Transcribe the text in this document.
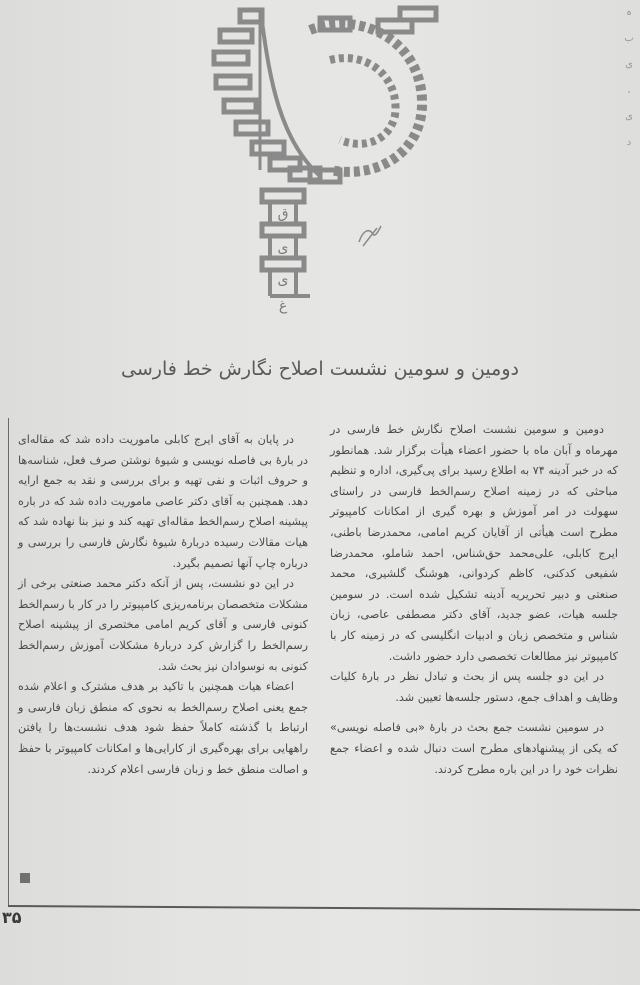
ق
ی
ی
غ
ہ
ب
ی
،
ی
د
دومین و سومین نشست اصلاح نگارش خط فارسی

دومین و سومین نشست اصلاح نگارش خط فارسی در مهرماه و آبان ماه با حضور اعضاء هیأت برگزار شد. همانطور که در خبر آدینه ۷۴ به اطلاع رسید برای پی‌گیری، اداره و تنظیم مباحثی که در زمینه اصلاح رسم‌الخط فارسی در راستای سهولت در امر آموزش و بهره گیری از امکانات کامپیوتر مطرح است هیأتی از آقایان کریم امامی، محمدرضا باطنی، ایرج کابلی، علی‌محمد حق‌شناس، احمد شاملو، محمدرضا شفیعی کدکنی، کاظم کردوانی، هوشنگ گلشیری، محمد صنعتی و دبیر تحریریه آدینه تشکیل شده است. در سومین جلسه هیات، عضو جدید، آقای دکتر مصطفی عاصی، زبان شناس و متخصص زبان و ادبیات انگلیسی که در زمینه کار با کامپیوتر نیز مطالعات تخصصی دارد حضور داشت.

در این دو جلسه پس از بحث و تبادل نظر در بارهٔ کلیات وظایف و اهداف جمع، دستور جلسه‌ها تعیین شد.

در سومین نشست جمع بحث در بارهٔ «بی فاصله نویسی» که یکی از پیشنهادهای مطرح است دنبال شده و اعضاء جمع نظرات خود را در این باره مطرح کردند.

در پایان به آقای ایرج کابلی ماموریت داده شد که مقاله‌ای در بارهٔ بی فاصله نویسی و شیوهٔ نوشتن صرف فعل، شناسه‌ها و حروف اثبات و نفی تهیه و برای بررسی و نقد به جمع ارایه دهد. همچنین به آقای دکتر عاصی ماموریت داده شد که در باره پیشینه اصلاح رسم‌الخط مقاله‌ای تهیه کند و نیز بنا نهاده شد که هیات مقالات رسیده دربارهٔ شیوهٔ نگارش فارسی را بررسی و درباره چاپ آنها تصمیم بگیرد.

در این دو نشست، پس از آنکه دکتر محمد صنعتی برخی از مشکلات متخصصان برنامه‌ریزی کامپیوتر را در کار با رسم‌الخط کنونی فارسی و آقای کریم امامی مختصری از پیشینه اصلاح رسم‌الخط را گزارش کرد دربارهٔ مشکلات آموزش رسم‌الخط کنونی به نوسوادان نیز بحث شد.

اعضاء هیات همچنین با تاکید بر هدف مشترک و اعلام شده جمع یعنی اصلاح رسم‌الخط به نحوی که منطق زبان فارسی و ارتباط با گذشته کاملاً حفظ شود هدف نشست‌ها را یافتن راههایی برای بهره‌گیری از کارایی‌ها و امکانات کامپیوتر با حفظ و اصالت منطق خط و زبان فارسی اعلام کردند.

۳۵
